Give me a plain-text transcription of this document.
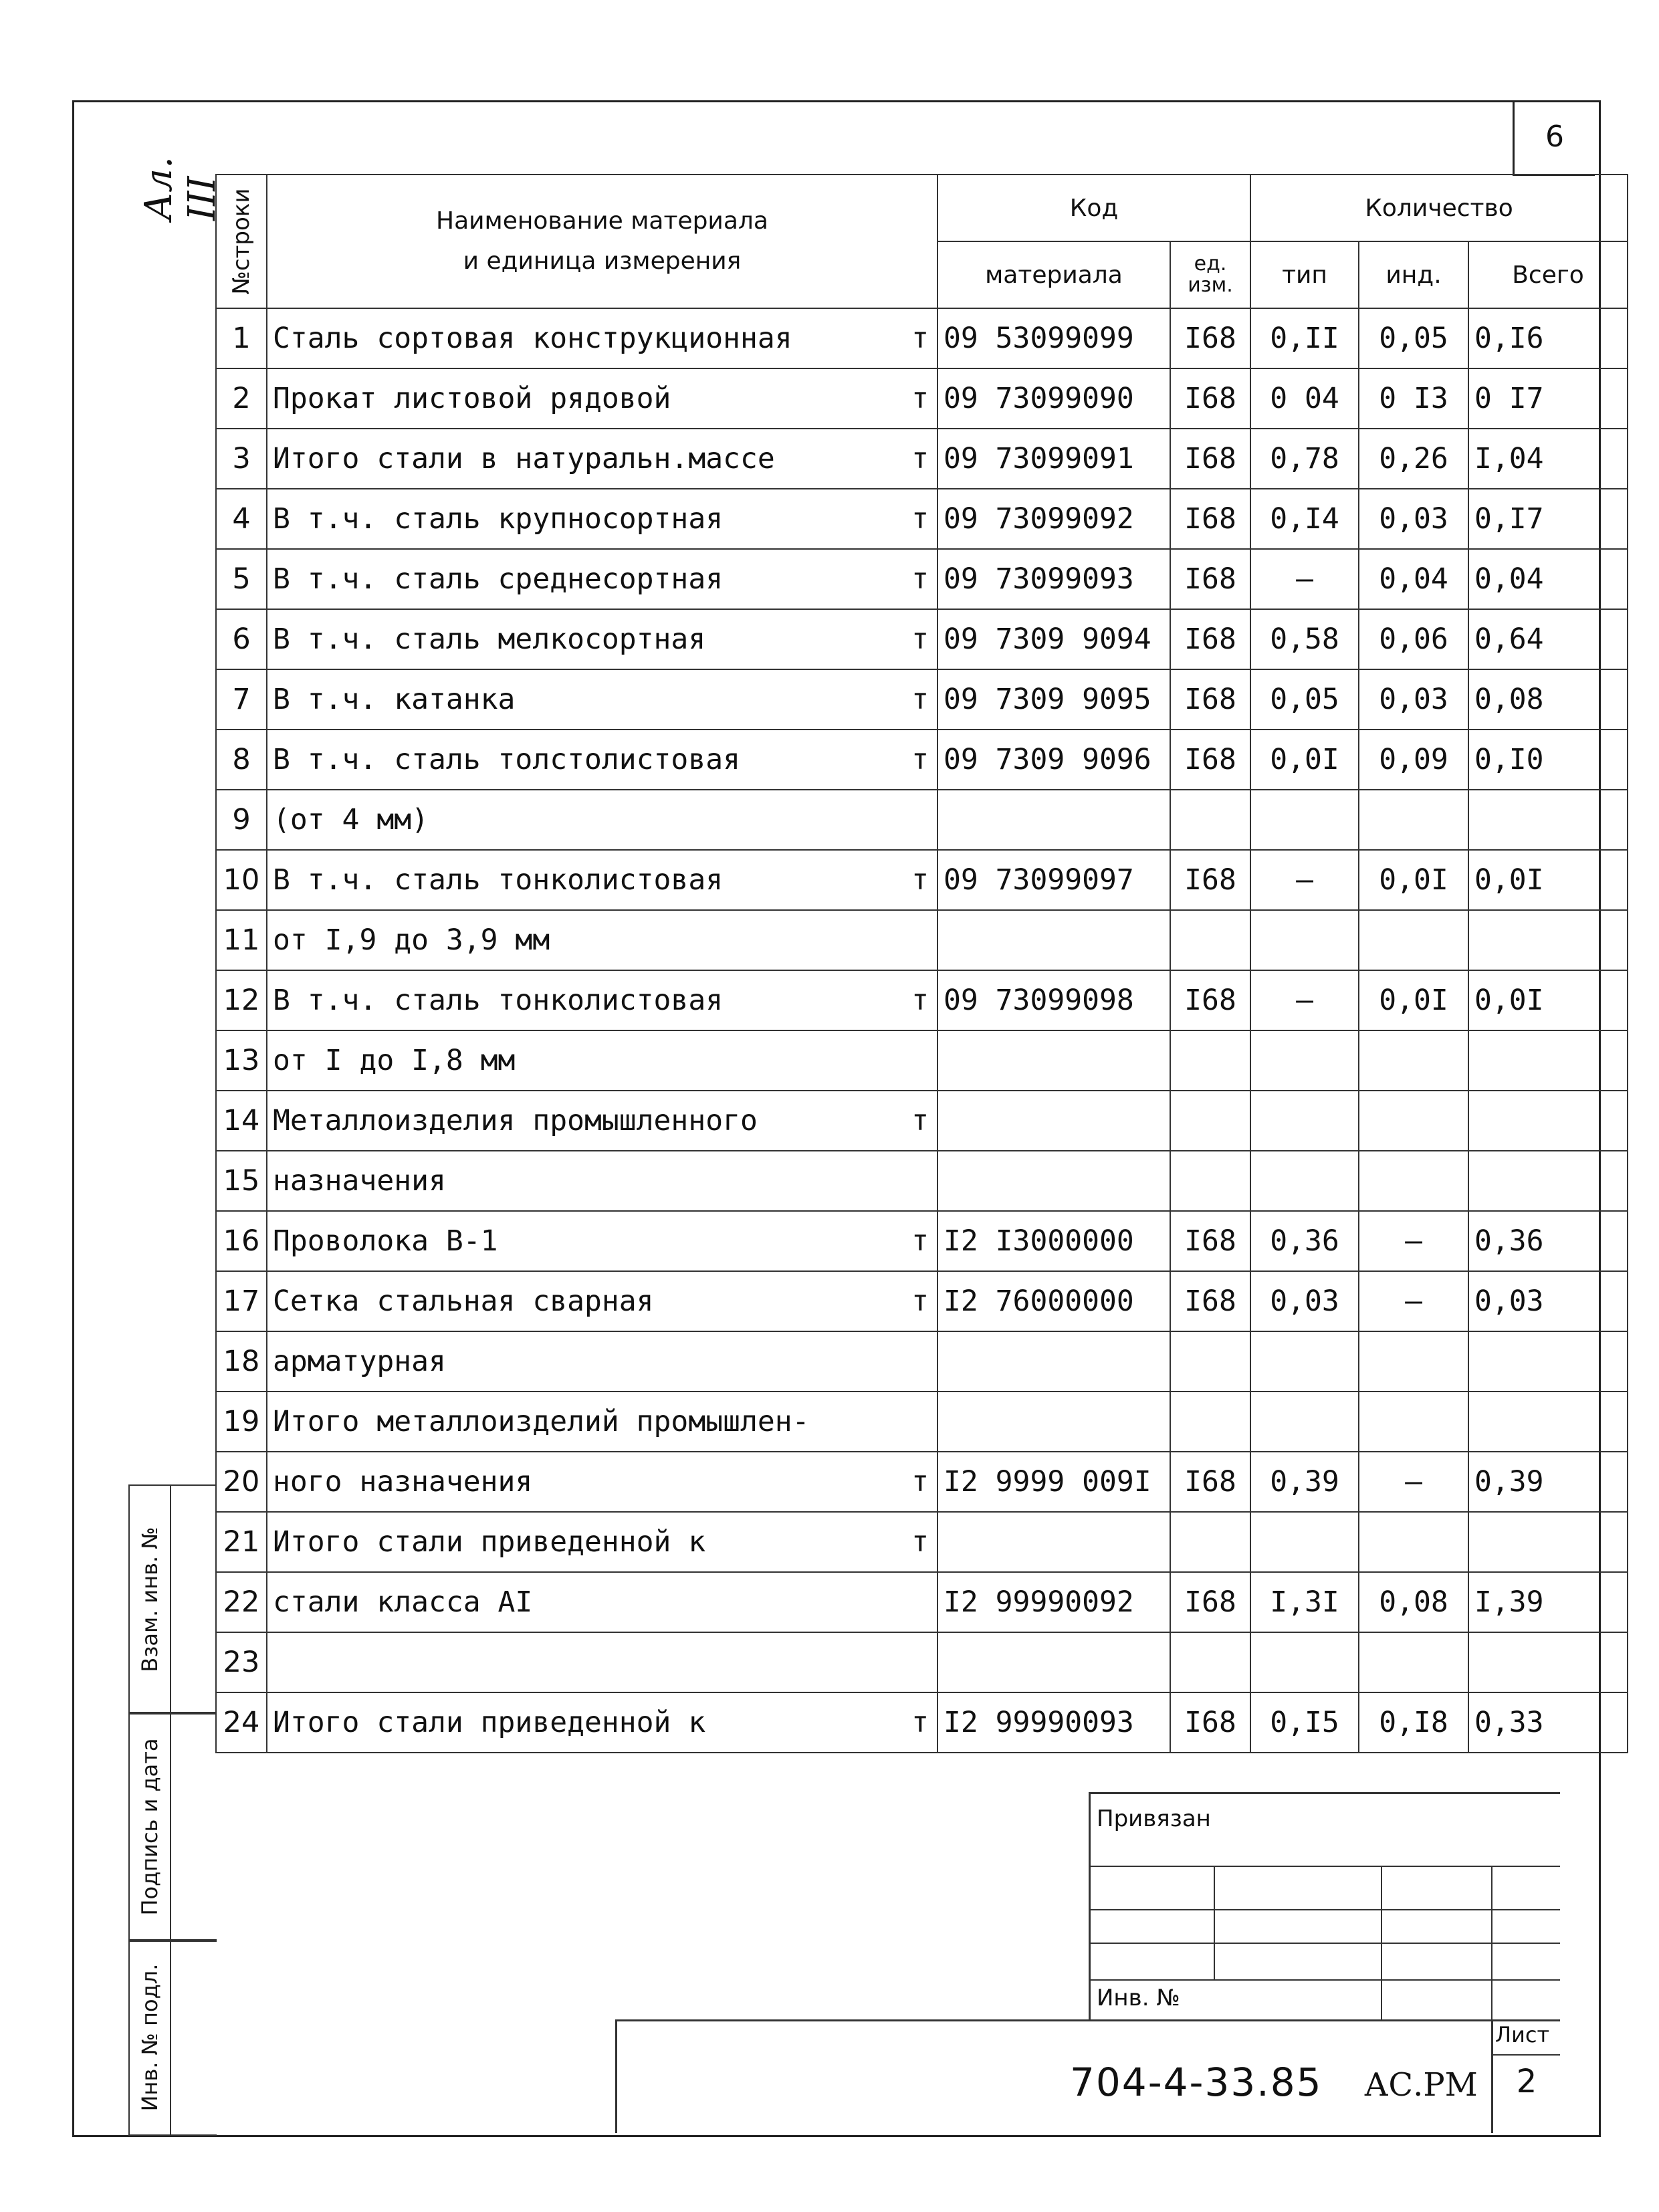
6
Ал. III №строки	Наименование материала
и единица измерения	Код		Количество		
		материала	ед. изм.	тип	инд.	Всего
1	Сталь сортовая конструкционная т	09 53099099	I68	0,II	0,05	0,I6
2	Прокат листовой рядовой т	09 73099090	I68	0 04	0 I3	0 I7
3	Итого стали в натуральн.массе т	09 73099091	I68	0,78	0,26	I,04
4	В т.ч. сталь крупносортная т	09 73099092	I68	0,I4	0,03	0,I7
5	В т.ч. сталь среднесортная т	09 73099093	I68	–	0,04	0,04
6	В т.ч. сталь мелкосортная т	09 7309 9094	I68	0,58	0,06	0,64
7	В т.ч. катанка т	09 7309 9095	I68	0,05	0,03	0,08
8	В т.ч. сталь толстолистовая т	09 7309 9096	I68	0,0I	0,09	0,I0
9	(от 4 мм)

10	В т.ч. сталь тонколистовая т	09 73099097	I68	–	0,0I	0,0I
11	от I,9 до 3,9 мм

12	В т.ч. сталь тонколистовая т	09 73099098	I68	–	0,0I	0,0I
13	от I до I,8 мм

14	Металлоизделия промышленного т					

15	назначения

16	Проволока В-1 т	I2 I3000000	I68	0,36	–	0,36
17	Сетка стальная сварная т	I2 76000000	I68	0,03	–	0,03
18	арматурная

19	Итого металлоизделий промышлен-

20	ного назначения т	I2 9999 009I	I68	0,39	–	0,39
21	Итого стали приведенной к т					

22	стали класса АI	I2 99990092	I68	I,3I	0,08	I,39
23	

24	Итого стали приведенной к т	I2 99990093	I68	0,I5	0,I8	0,33
Взам. инв. №
Подпись и дата
Инв. № подл.
Привязан
Инв. №
Лист
704-4-33.85 АС.РМ	2
